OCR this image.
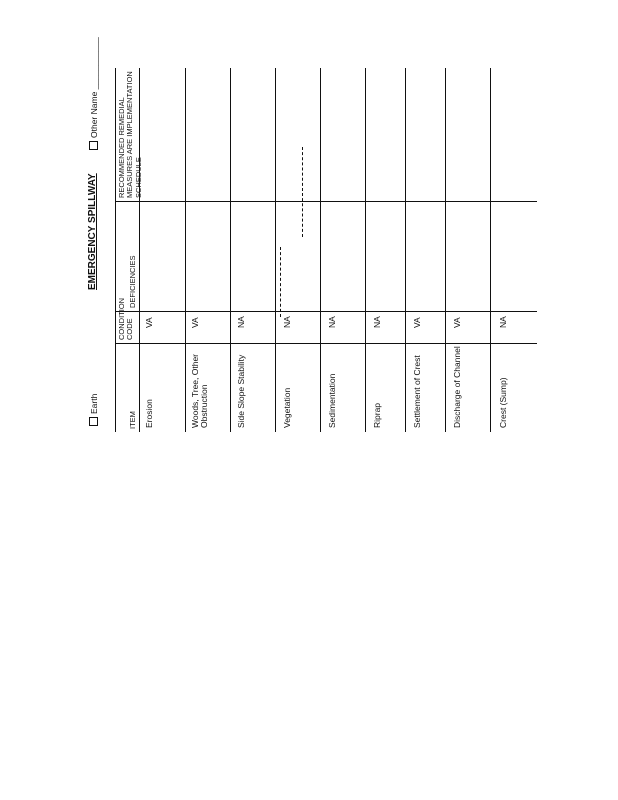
Earth
EMERGENCY SPILLWAY
Other Name ___________
ITEM
CONDITION CODE
DEFICIENCIES
RECOMMENDED REMEDIAL MEASURES ARE IMPLEMENTATION SCHEDULE
Erosion
VA
Woods, Tree, Other Obstruction
VA
Side Slope Stability
NA
Vegetation
NA
Sedimentation
NA
Riprap
NA
Settlement of Crest
VA
Discharge of Channel
VA
Crest (Sump)
NA
